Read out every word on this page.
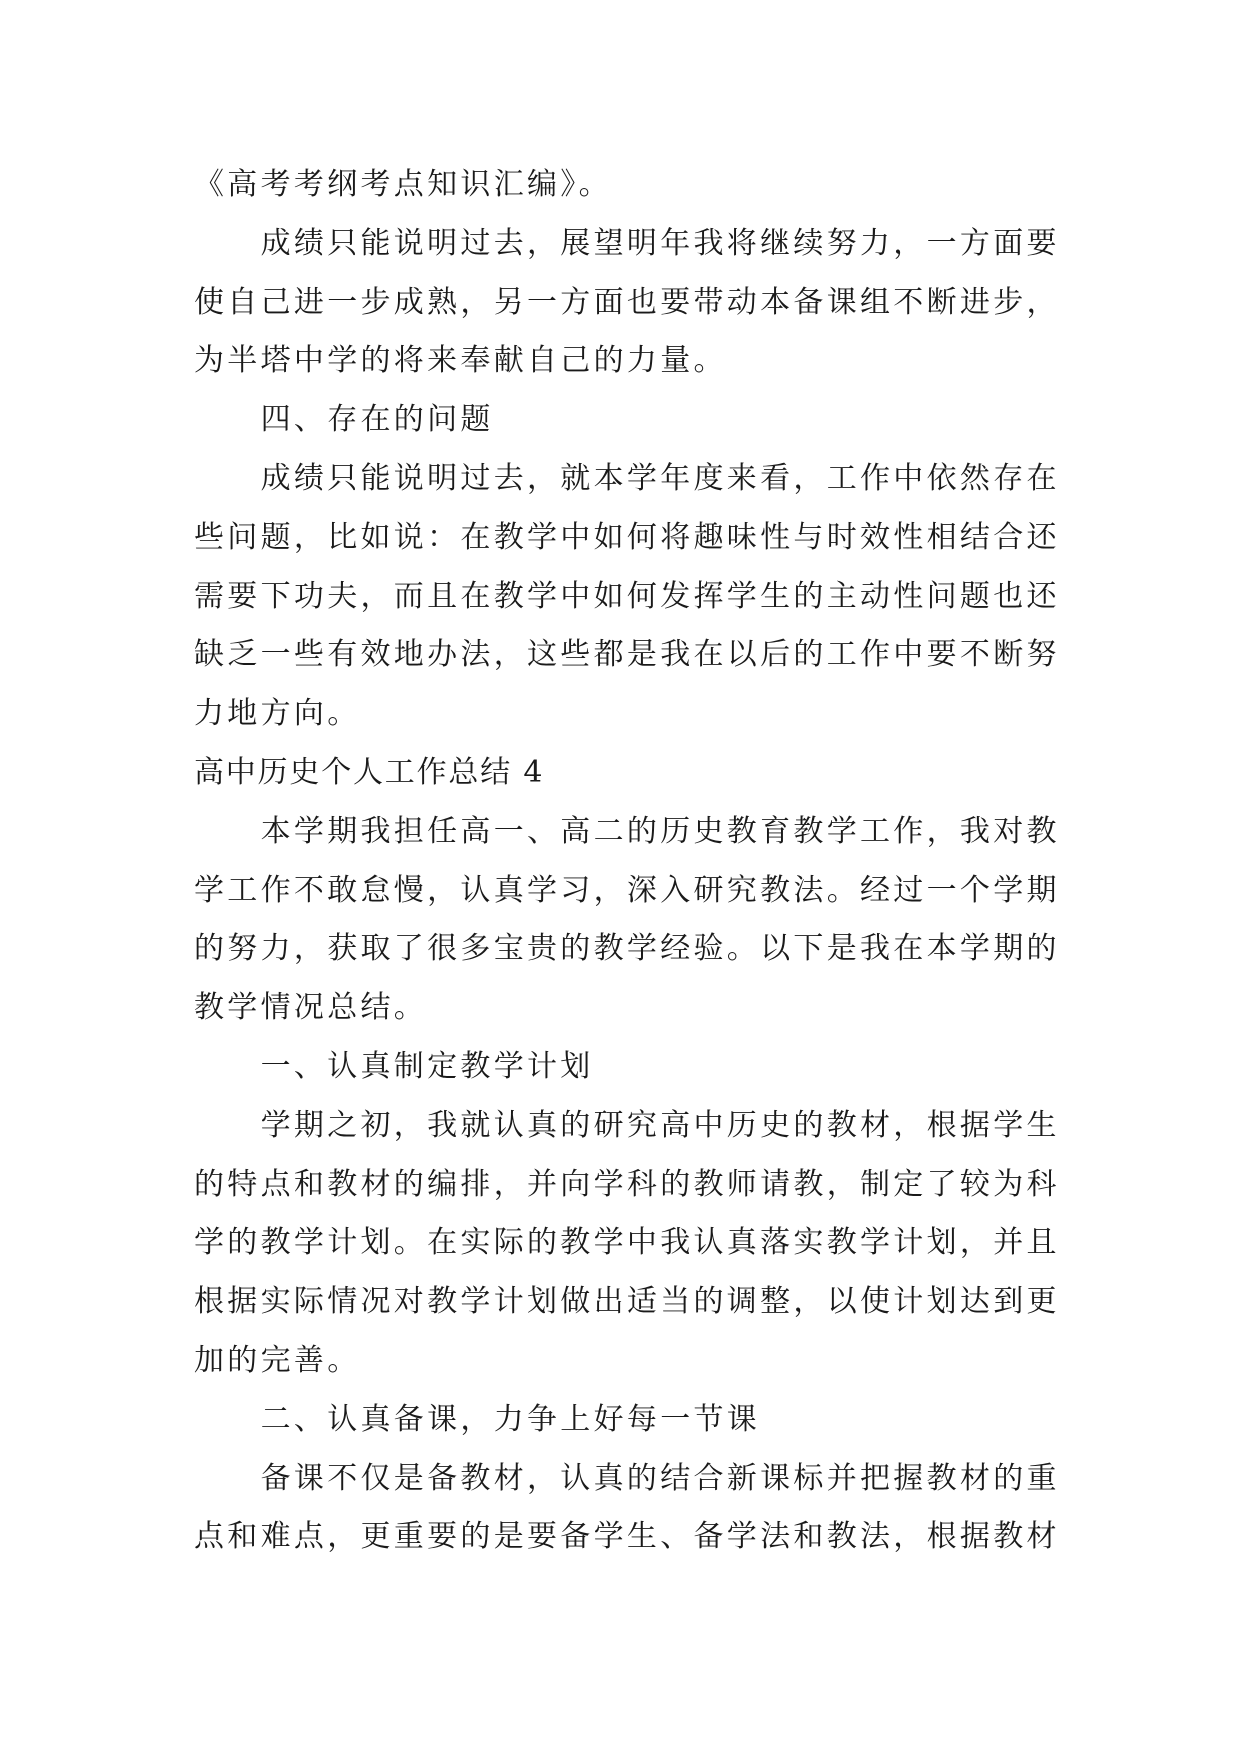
《高考考纲考点知识汇编》。
成绩只能说明过去，展望明年我将继续努力，一方面要
使自己进一步成熟，另一方面也要带动本备课组不断进步，
为半塔中学的将来奉献自己的力量。
四、存在的问题
成绩只能说明过去，就本学年度来看，工作中依然存在
些问题，比如说：在教学中如何将趣味性与时效性相结合还
需要下功夫，而且在教学中如何发挥学生的主动性问题也还
缺乏一些有效地办法，这些都是我在以后的工作中要不断努
力地方向。
高中历史个人工作总结 4
本学期我担任高一、高二的历史教育教学工作，我对教
学工作不敢怠慢，认真学习，深入研究教法。经过一个学期
的努力，获取了很多宝贵的教学经验。以下是我在本学期的
教学情况总结。
一、认真制定教学计划
学期之初，我就认真的研究高中历史的教材，根据学生
的特点和教材的编排，并向学科的教师请教，制定了较为科
学的教学计划。在实际的教学中我认真落实教学计划，并且
根据实际情况对教学计划做出适当的调整，以使计划达到更
加的完善。
二、认真备课，力争上好每一节课
备课不仅是备教材，认真的结合新课标并把握教材的重
点和难点，更重要的是要备学生、备学法和教法，根据教材
